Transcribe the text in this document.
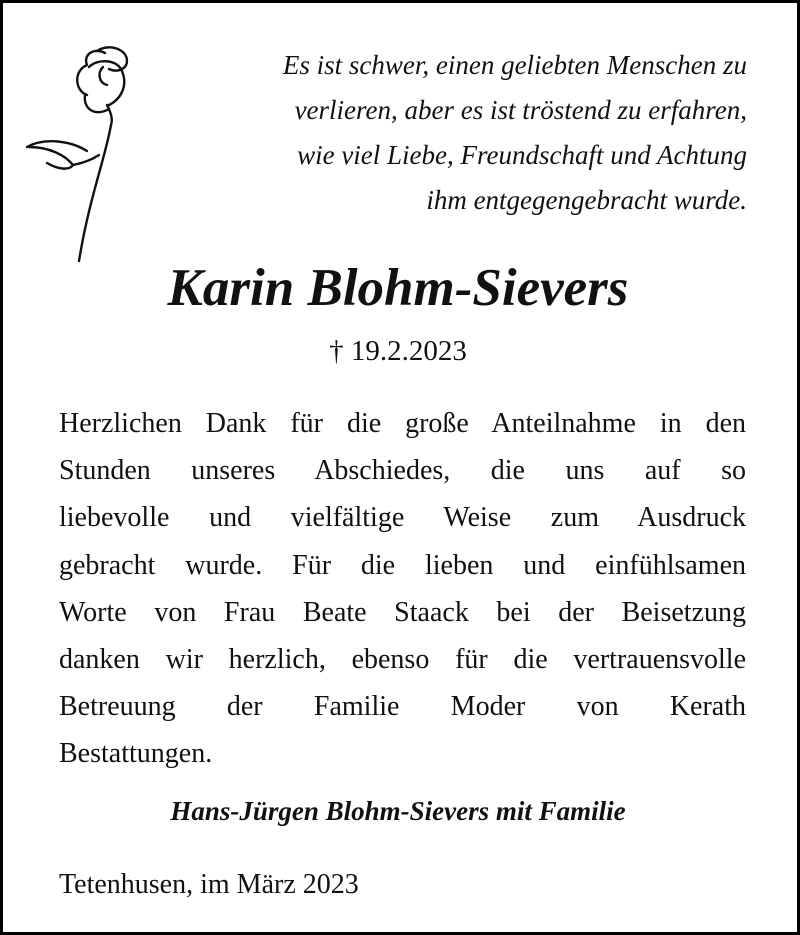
Es ist schwer, einen geliebten Menschen zu
verlieren, aber es ist tröstend zu erfahren,
wie viel Liebe, Freundschaft und Achtung
ihm entgegengebracht wurde.
Karin Blohm-Sievers
† 19.2.2023
Herzlichen Dank für die große Anteilnahme in den
Stunden unseres Abschiedes, die uns auf so
liebevolle und vielfältige Weise zum Ausdruck
gebracht wurde. Für die lieben und einfühlsamen
Worte von Frau Beate Staack bei der Beisetzung
danken wir herzlich, ebenso für die vertrauensvolle
Betreuung der Familie Moder von Kerath
Bestattungen.
Hans-Jürgen Blohm-Sievers mit Familie
Tetenhusen, im März 2023
